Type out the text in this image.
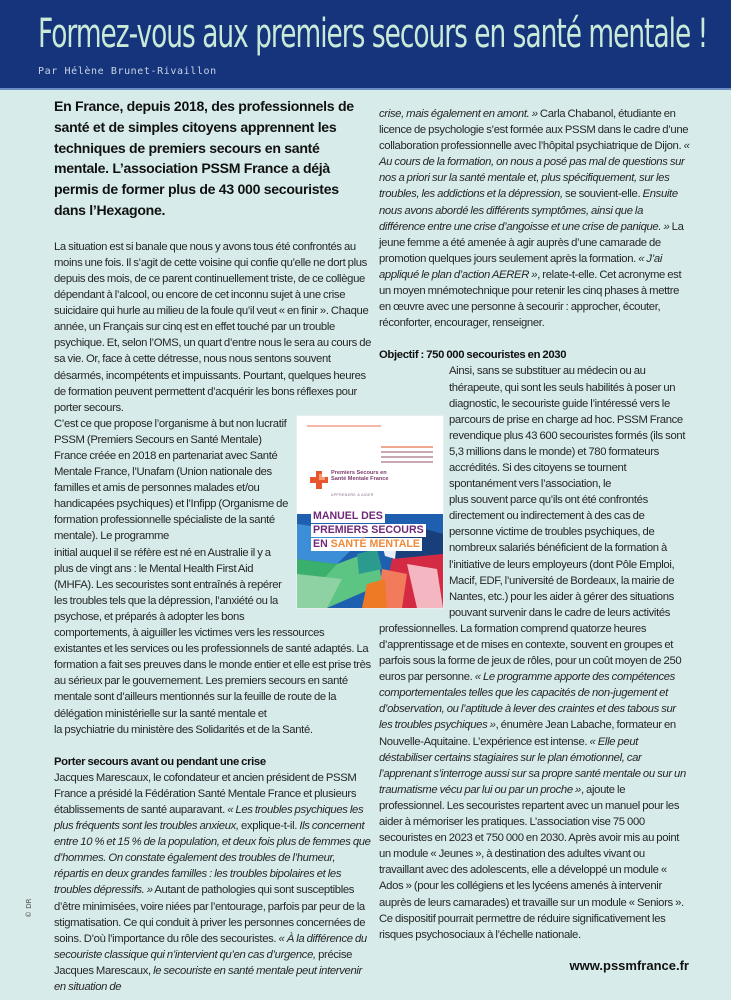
Formez-vous aux premiers secours en santé mentale !
Par Hélène Brunet-Rivaillon

En France, depuis 2018, des professionnels de santé et de simples citoyens apprennent les techniques de premiers secours en santé mentale. L’association PSSM France a déjà permis de former plus de 43 000 secouristes dans l’Hexagone.

La situation est si banale que nous y avons tous été confrontés au moins une fois. Il s’agit de cette voisine qui confie qu’elle ne dort plus depuis des mois, de ce parent continuellement triste, de ce collègue dépendant à l’alcool, ou encore de cet inconnu sujet à une crise suicidaire qui hurle au milieu de la foule qu’il veut « en finir ». Chaque année, un Français sur cinq est en effet touché par un trouble psychique. Et, selon l’OMS, un quart d’entre nous le sera au cours de sa vie. Or, face à cette détresse, nous nous sentons souvent désarmés, incompétents et impuissants. Pourtant, quelques heures de formation peuvent permettent d’acquérir les bons réflexes pour porter secours.

C’est ce que propose l’organisme à but non lucratif PSSM (Premiers Secours en Santé Mentale) France créée en 2018 en partenariat avec Santé Mentale France, l’Unafam (Union nationale des familles et amis de personnes malades et/ou handicapées psychiques) et l’Infipp (Organisme de formation professionnelle spécialiste de la santé mentale). Le programme

initial auquel il se réfère est né en Australie il y a plus de vingt ans : le Mental Health First Aid (MHFA). Les secouristes sont entraînés à repérer les troubles tels que la dépression, l’anxiété ou la psychose, et préparés à adopter les bons comportements, à aiguiller les victimes vers les ressources existantes et les services ou les professionnels de santé adaptés. La formation a fait ses preuves dans le monde entier et elle est prise très au sérieux par le gouvernement. Les premiers secours en santé mentale sont d’ailleurs mentionnés sur la feuille de route de la délégation ministérielle sur la santé mentale et

la psychiatrie du ministère des Solidarités et de la Santé.

Porter secours avant ou pendant une crise

Jacques Marescaux, le cofondateur et ancien président de PSSM France a présidé la Fédération Santé Mentale France et plusieurs établissements de santé auparavant. « Les troubles psychiques les plus fréquents sont les troubles anxieux, explique-t-il. Ils concernent entre 10 % et 15 % de la population, et deux fois plus de femmes que d’hommes. On constate également des troubles de l’humeur, répartis en deux grandes familles : les troubles bipolaires et les troubles dépressifs. » Autant de pathologies qui sont susceptibles d’être minimisées, voire niées par l’entourage, parfois par peur de la stigmatisation. Ce qui conduit à priver les personnes concernées de soins. D’où l’importance du rôle des secouristes. « À la différence du secouriste classique qui n’intervient qu’en cas d’urgence, précise Jacques Marescaux, le secouriste en santé mentale peut intervenir en situation de

crise, mais également en amont. » Carla Chabanol, étudiante en licence de psychologie s’est formée aux PSSM dans le cadre d’une collaboration professionnelle avec l’hôpital psychiatrique de Dijon. « Au cours de la formation, on nous a posé pas mal de questions sur nos a priori sur la santé mentale et, plus spécifiquement, sur les troubles, les addictions et la dépression, se souvient-elle. Ensuite nous avons abordé les différents symptômes, ainsi que la différence entre une crise d’angoisse et une crise de panique. » La jeune femme a été amenée à agir auprès d’une camarade de promotion quelques jours seulement après la formation. « J’ai appliqué le plan d’action AERER », relate-t-elle. Cet acronyme est un moyen mnémotechnique pour retenir les cinq phases à mettre en œuvre avec une personne à secourir : approcher, écouter, réconforter, encourager, renseigner.

Objectif : 750 000 secouristes en 2030

Ainsi, sans se substituer au médecin ou au thérapeute, qui sont les seuls habilités à poser un diagnostic, le secouriste guide l’intéressé vers le parcours de prise en charge ad hoc. PSSM France revendique plus 43 600 secouristes formés (ils sont 5,3 millions dans le monde) et 780 formateurs accrédités. Si des citoyens se tournent spontanément vers l’association, le

plus souvent parce qu’ils ont été confrontés directement ou indirectement à des cas de personne victime de troubles psychiques, de nombreux salariés bénéficient de la formation à l’initiative de leurs employeurs (dont Pôle Emploi, Macif, EDF, l’université de Bordeaux, la mairie de Nantes, etc.) pour les aider à gérer des situations pouvant survenir dans le cadre de leurs activités professionnelles. La formation comprend quatorze heures d’apprentissage et de mises en contexte, souvent en groupes et parfois sous la forme de jeux de rôles, pour un coût moyen de 250 euros par personne. « Le programme apporte des compétences

comportementales telles que les capacités de non-jugement et d’observation, ou l’aptitude à lever des craintes et des tabous sur les troubles psychiques », énumère Jean Labache, formateur en Nouvelle-Aquitaine. L’expérience est intense. « Elle peut déstabiliser certains stagiaires sur le plan émotionnel, car l’apprenant s’interroge aussi sur sa propre santé mentale ou sur un traumatisme vécu par lui ou par un proche », ajoute le professionnel. Les secouristes repartent avec un manuel pour les aider à mémoriser les pratiques. L’association vise 75 000 secouristes en 2023 et 750 000 en 2030. Après avoir mis au point un module « Jeunes », à destination des adultes vivant ou travaillant avec des adolescents, elle a développé un module « Ados » (pour les collégiens et les lycéens amenés à intervenir auprès de leurs camarades) et travaille sur un module « Seniors ». Ce dispositif pourrait permettre de réduire significativement les risques psychosociaux à l’échelle nationale.

Premiers Secours en Santé Mentale France
APPRENDRE À AIDER
MANUEL DES
PREMIERS SECOURS
EN SANTÉ MENTALE
© DR
www.pssmfrance.fr
